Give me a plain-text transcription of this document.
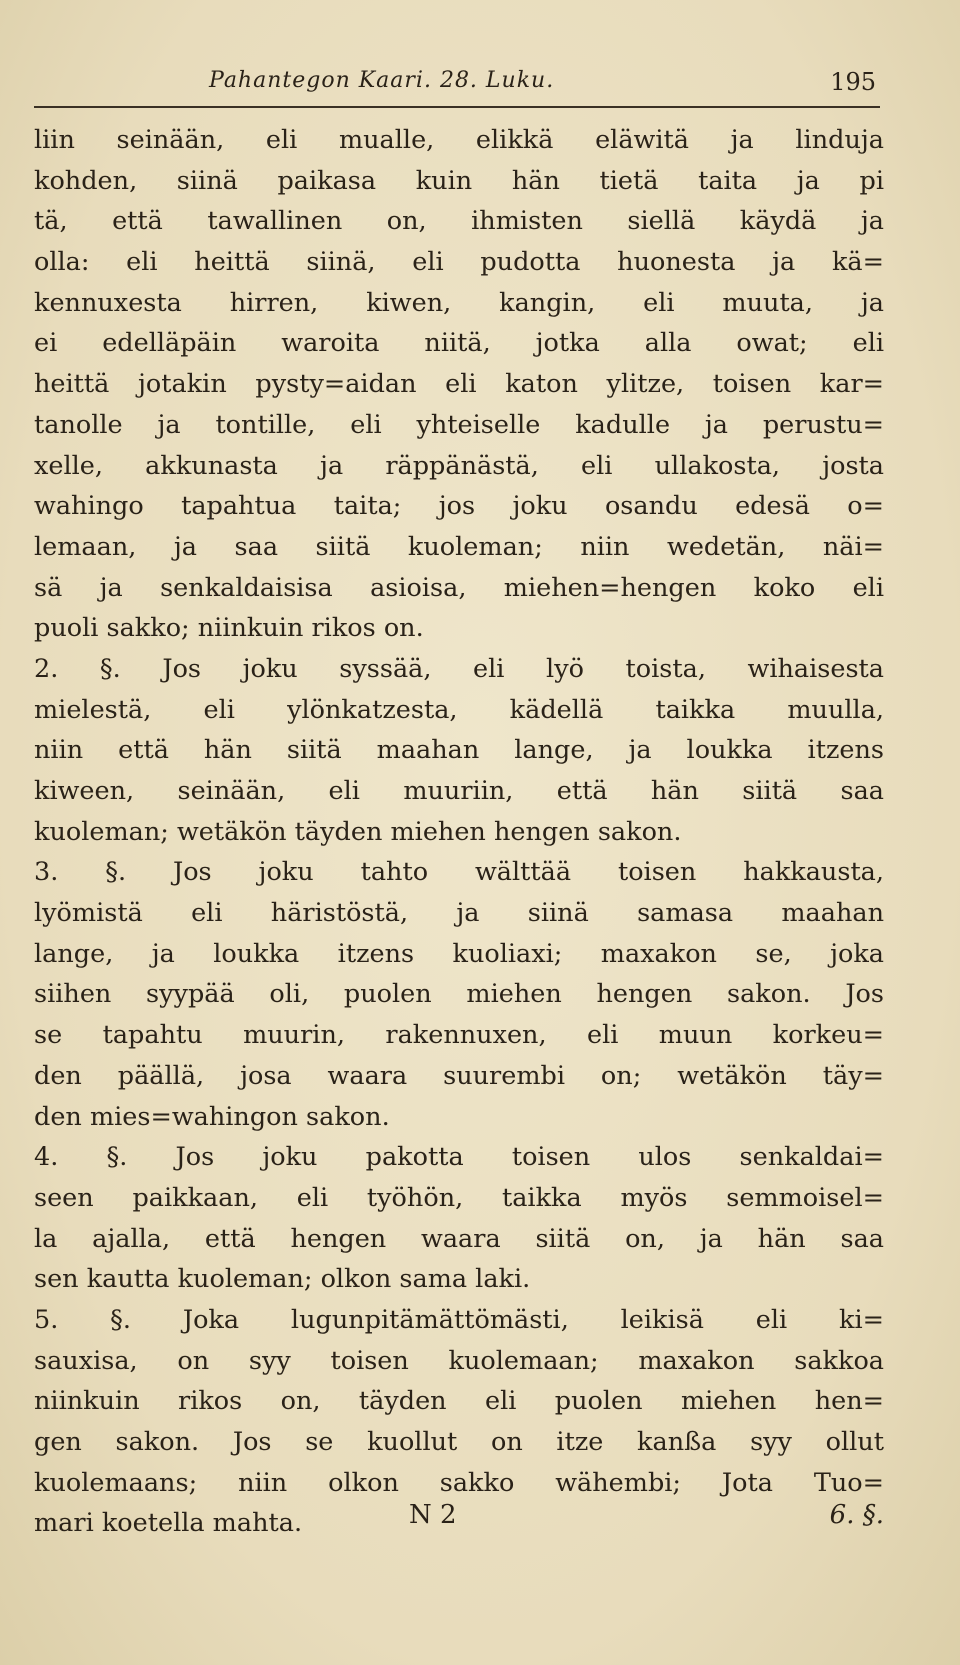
Pahantegon Kaari. 28. Luku.	195
liin seinään, eli mualle, elikkä eläwitä ja linduja
kohden, siinä paikasa kuin hän tietä taita ja pi
tä, että tawallinen on, ihmisten siellä käydä ja
olla: eli heittä siinä, eli pudotta huonesta ja kä=
kennuxesta hirren, kiwen, kangin, eli muuta, ja
ei edelläpäin waroita niitä, jotka alla owat; eli
heittä jotakin pysty=aidan eli katon ylitze, toisen kar=
tanolle ja tontille, eli yhteiselle kadulle ja perustu=
xelle, akkunasta ja räppänästä, eli ullakosta, josta
wahingo tapahtua taita; jos joku osandu edesä o=
lemaan, ja saa siitä kuoleman; niin wedetän, näi=
sä ja senkaldaisisa asioisa, miehen=hengen koko eli
puoli sakko; niinkuin rikos on.
2. §. Jos joku syssää, eli lyö toista, wihaisesta
mielestä, eli ylönkatzesta, kädellä taikka muulla,
niin että hän siitä maahan lange, ja loukka itzens
kiween, seinään, eli muuriin, että hän siitä saa
kuoleman; wetäkön täyden miehen hengen sakon.
3. §. Jos joku tahto wälttää toisen hakkausta,
lyömistä eli häristöstä, ja siinä samasa maahan
lange, ja loukka itzens kuoliaxi; maxakon se, joka
siihen syypää oli, puolen miehen hengen sakon. Jos
se tapahtu muurin, rakennuxen, eli muun korkeu=
den päällä, josa waara suurembi on; wetäkön täy=
den mies=wahingon sakon.
4. §. Jos joku pakotta toisen ulos senkaldai=
seen paikkaan, eli työhön, taikka myös semmoisel=
la ajalla, että hengen waara siitä on, ja hän saa
sen kautta kuoleman; olkon sama laki.
5. §. Joka lugunpitämättömästi, leikisä eli ki=
sauxisa, on syy toisen kuolemaan; maxakon sakkoa
niinkuin rikos on, täyden eli puolen miehen hen=
gen sakon. Jos se kuollut on itze kanßa syy ollut
kuolemaans; niin olkon sakko wähembi; Jota Tuo=
mari koetella mahta.	N 2	6. §.
